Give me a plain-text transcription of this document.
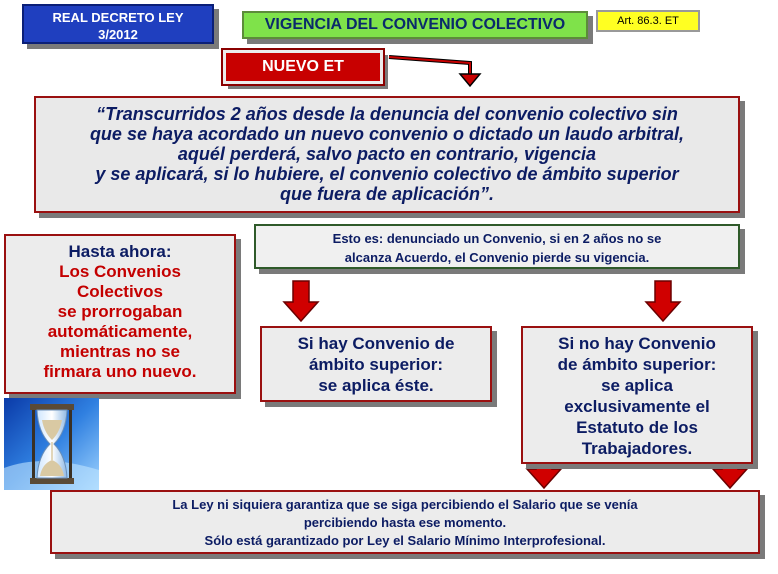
REAL DECRETO LEY
3/2012
VIGENCIA DEL CONVENIO COLECTIVO	Art. 86.3. ET
NUEVO ET
“Transcurridos 2 años desde la denuncia del convenio colectivo sin
que se haya acordado un nuevo convenio o dictado un laudo arbitral,
aquél perderá, salvo pacto en contrario, vigencia
y se aplicará, si lo hubiere, el convenio colectivo de ámbito superior
que fuera de aplicación”.
Hasta ahora:
Los Convenios
Colectivos
se prorrogaban
automáticamente,
mientras no se
firmara uno nuevo.
Esto es: denunciado un Convenio, si en 2 años no se
alcanza Acuerdo, el Convenio pierde su vigencia.
Si hay Convenio de
ámbito superior:
se aplica éste.
Si no hay Convenio
de ámbito superior:
se aplica
exclusivamente el
Estatuto de los
Trabajadores.
La Ley ni siquiera garantiza que se siga percibiendo el Salario que se venía
percibiendo hasta ese momento.
Sólo está garantizado por Ley el Salario Mínimo Interprofesional.
